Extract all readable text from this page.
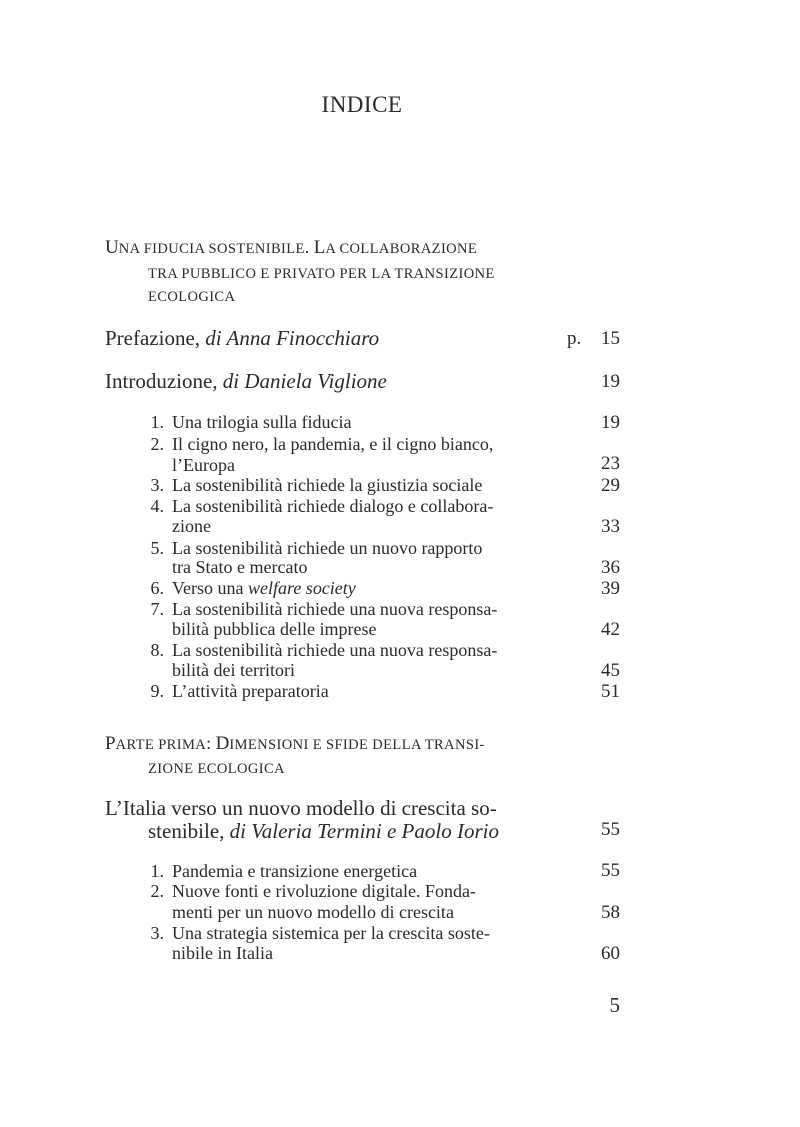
INDICE
UNA FIDUCIA SOSTENIBILE. LA COLLABORAZIONE
TRA PUBBLICO E PRIVATO PER LA TRANSIZIONE
ECOLOGICA
Prefazione, di Anna Finocchiaro	p.	15
Introduzione, di Daniela Viglione	19
1. Una trilogia sulla fiducia	19
2. Il cigno nero, la pandemia, e il cigno bianco,
l’Europa	23
3. La sostenibilità richiede la giustizia sociale	29
4. La sostenibilità richiede dialogo e collabora-
zione	33
5. La sostenibilità richiede un nuovo rapporto
tra Stato e mercato	36
6. Verso una welfare society	39
7. La sostenibilità richiede una nuova responsa-
bilità pubblica delle imprese	42
8. La sostenibilità richiede una nuova responsa-
bilità dei territori	45
9. L’attività preparatoria	51
PARTE PRIMA: DIMENSIONI E SFIDE DELLA TRANSI-
ZIONE ECOLOGICA
L’Italia verso un nuovo modello di crescita so-
stenibile, di Valeria Termini e Paolo Iorio	55
1. Pandemia e transizione energetica	55
2. Nuove fonti e rivoluzione digitale. Fonda-
menti per un nuovo modello di crescita	58
3. Una strategia sistemica per la crescita soste-
nibile in Italia	60
5
